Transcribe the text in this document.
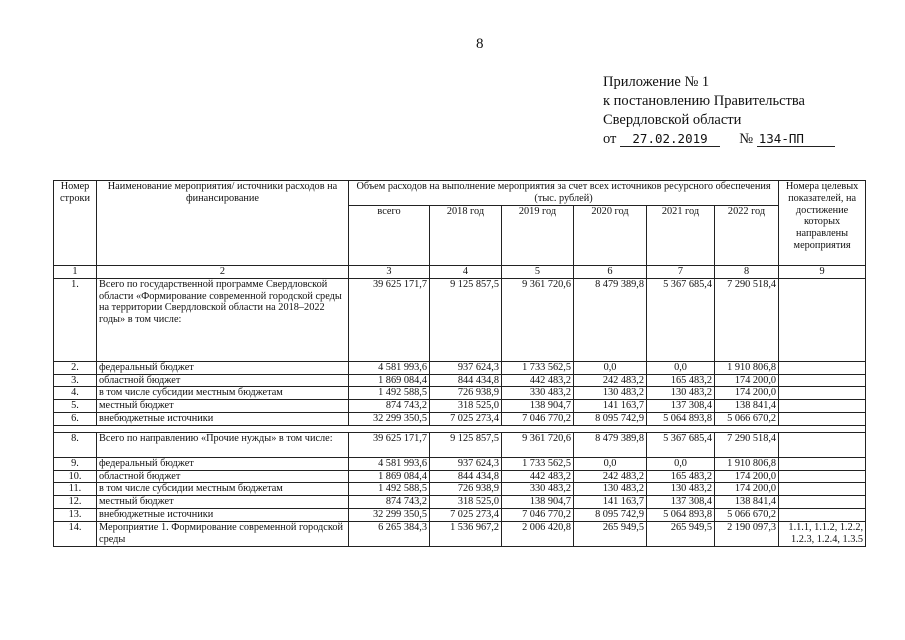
8
Приложение № 1
к постановлению Правительства
Свердловской области
от 27.02.2019 № 134-ПП
Номер строки	Наименование мероприятия/ источники расходов на финансирование	Объем расходов на выполнение мероприятия за счет всех источников ресурсного обеспечения (тыс. рублей)						Номера целевых показателей, на достижение которых направлены мероприятия
		всего	2018 год	2019 год	2020 год	2021 год	2022 год	
1	2	3	4	5	6	7	8	9
1.	Всего по государственной программе Свердловской области «Формирование современной городской среды на территории Свердловской области на 2018–2022 годы» в том числе:	39 625 171,7	9 125 857,5	9 361 720,6	8 479 389,8	5 367 685,4	7 290 518,4	
2.	федеральный бюджет	4 581 993,6	937 624,3	1 733 562,5	0,0	0,0	1 910 806,8	
3.	областной бюджет	1 869 084,4	844 434,8	442 483,2	242 483,2	165 483,2	174 200,0	
4.	в том числе субсидии местным бюджетам	1 492 588,5	726 938,9	330 483,2	130 483,2	130 483,2	174 200,0	
5.	местный бюджет	874 743,2	318 525,0	138 904,7	141 163,7	137 308,4	138 841,4	
6.	внебюджетные источники	32 299 350,5	7 025 273,4	7 046 770,2	8 095 742,9	5 064 893,8	5 066 670,2	

8.	Всего по направлению «Прочие нужды» в том числе:	39 625 171,7	9 125 857,5	9 361 720,6	8 479 389,8	5 367 685,4	7 290 518,4	
9.	федеральный бюджет	4 581 993,6	937 624,3	1 733 562,5	0,0	0,0	1 910 806,8	
10.	областной бюджет	1 869 084,4	844 434,8	442 483,2	242 483,2	165 483,2	174 200,0	
11.	в том числе субсидии местным бюджетам	1 492 588,5	726 938,9	330 483,2	130 483,2	130 483,2	174 200,0	
12.	местный бюджет	874 743,2	318 525,0	138 904,7	141 163,7	137 308,4	138 841,4	
13.	внебюджетные источники	32 299 350,5	7 025 273,4	7 046 770,2	8 095 742,9	5 064 893,8	5 066 670,2	
14.	Мероприятие 1. Формирование современной городской среды	6 265 384,3	1 536 967,2	2 006 420,8	265 949,5	265 949,5	2 190 097,3	1.1.1, 1.1.2, 1.2.2, 1.2.3, 1.2.4, 1.3.5
